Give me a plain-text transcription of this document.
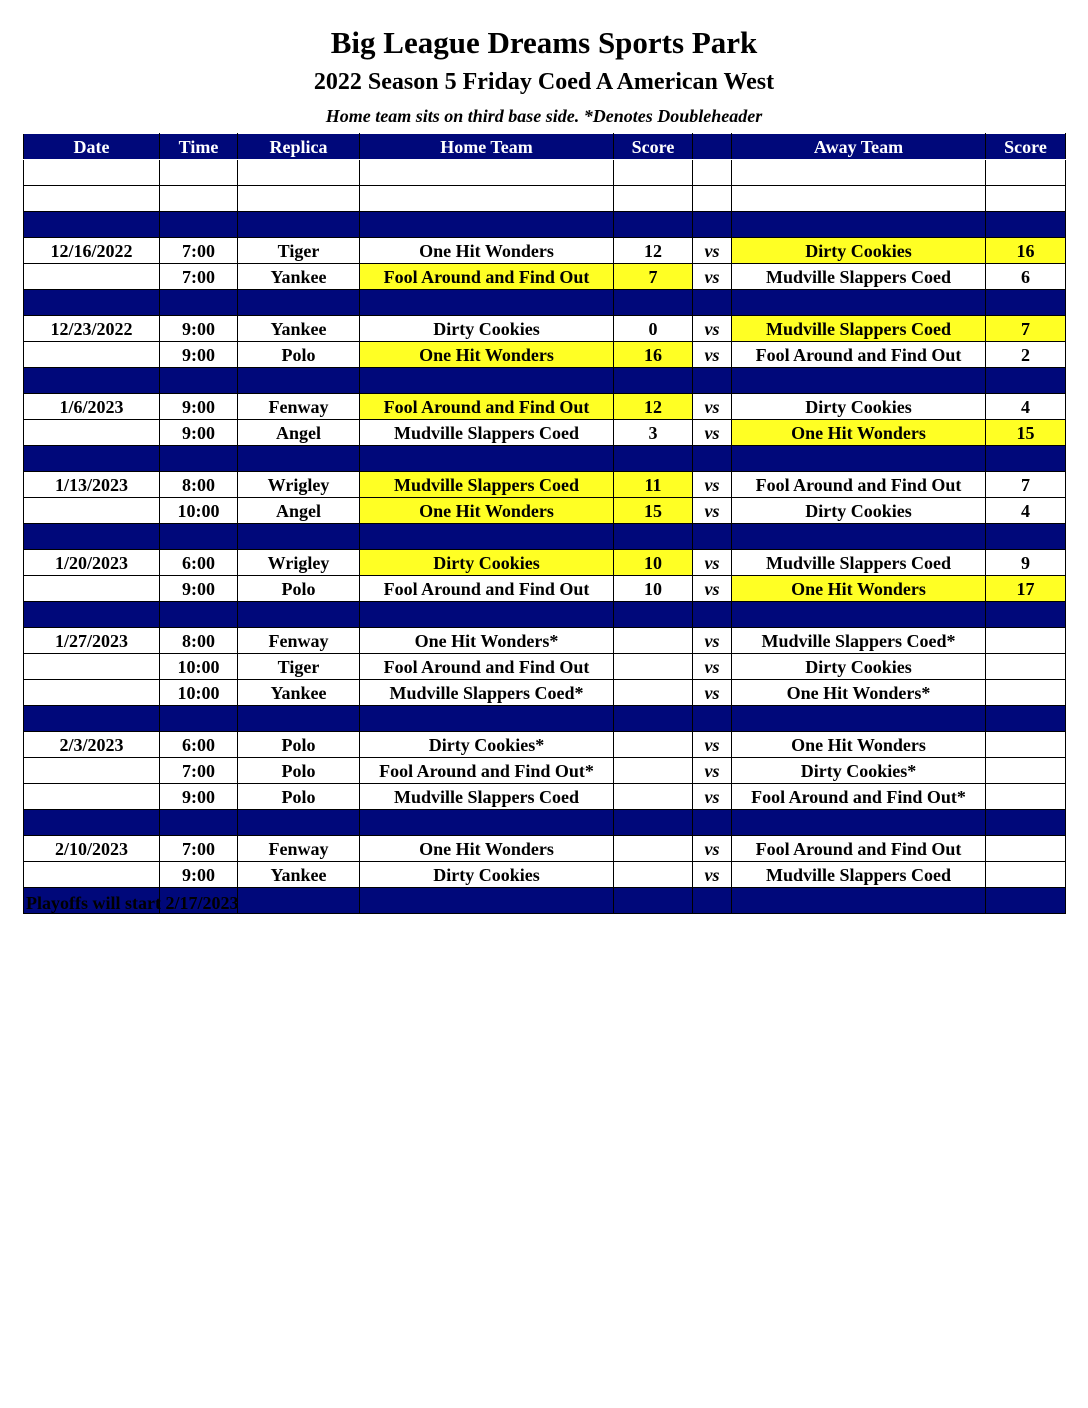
Big League Dreams Sports Park
2022 Season 5 Friday Coed A American West
Home team sits on third base side. *Denotes Doubleheader
Date	Time	Replica	Home Team	Score		Away Team	Score

12/16/2022	7:00	Tiger	One Hit Wonders	12	vs	Dirty Cookies	16
	7:00	Yankee	Fool Around and Find Out	7	vs	Mudville Slappers Coed	6

12/23/2022	9:00	Yankee	Dirty Cookies	0	vs	Mudville Slappers Coed	7
	9:00	Polo	One Hit Wonders	16	vs	Fool Around and Find Out	2

1/6/2023	9:00	Fenway	Fool Around and Find Out	12	vs	Dirty Cookies	4
	9:00	Angel	Mudville Slappers Coed	3	vs	One Hit Wonders	15

1/13/2023	8:00	Wrigley	Mudville Slappers Coed	11	vs	Fool Around and Find Out	7
	10:00	Angel	One Hit Wonders	15	vs	Dirty Cookies	4

1/20/2023	6:00	Wrigley	Dirty Cookies	10	vs	Mudville Slappers Coed	9
	9:00	Polo	Fool Around and Find Out	10	vs	One Hit Wonders	17

1/27/2023	8:00	Fenway	One Hit Wonders*		vs	Mudville Slappers Coed*	
	10:00	Tiger	Fool Around and Find Out		vs	Dirty Cookies	
	10:00	Yankee	Mudville Slappers Coed*		vs	One Hit Wonders*	

2/3/2023	6:00	Polo	Dirty Cookies*		vs	One Hit Wonders	
	7:00	Polo	Fool Around and Find Out*		vs	Dirty Cookies*	
	9:00	Polo	Mudville Slappers Coed		vs	Fool Around and Find Out*	

2/10/2023	7:00	Fenway	One Hit Wonders		vs	Fool Around and Find Out	
	9:00	Yankee	Dirty Cookies		vs	Mudville Slappers Coed	

Playoffs will start 2/17/2023
